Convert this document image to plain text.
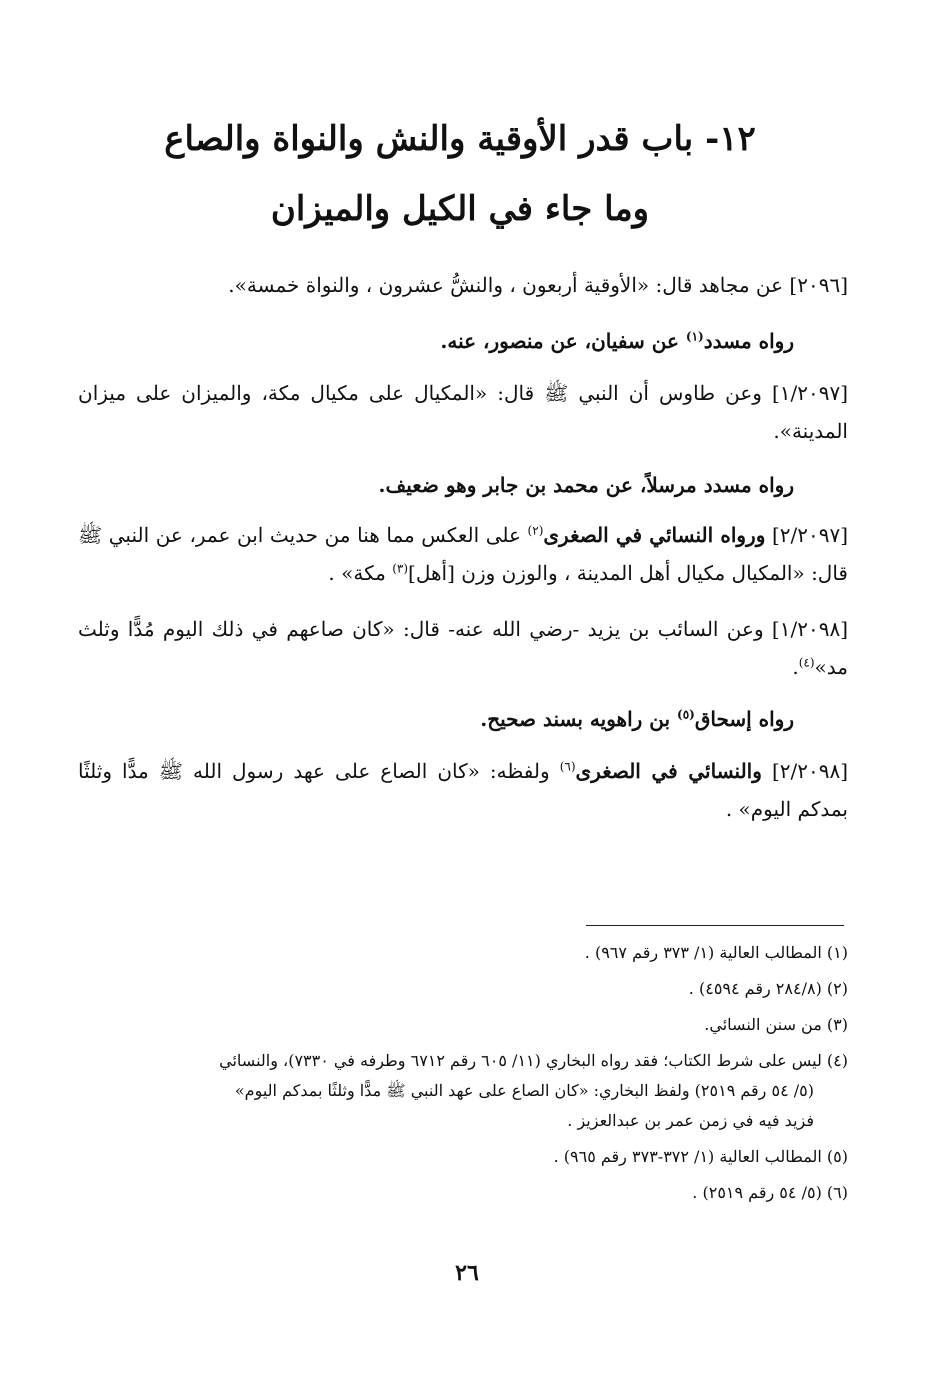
١٢- باب قدر الأوقية والنش والنواة والصاع
وما جاء في الكيل والميزان
[٢٠٩٦] عن مجاهد قال: «الأوقية أربعون ، والنشُّ عشرون ، والنواة خمسة».
رواه مسدد$^{(١)}$ عن سفيان، عن منصور، عنه.
[١/٢٠٩٧] وعن طاوس أن النبي ﷺ قال: «المكيال على مكيال مكة، والميزان على ميزان المدينة».
رواه مسدد مرسلاً، عن محمد بن جابر وهو ضعيف.
[٢/٢٠٩٧] ورواه النسائي في الصغرى$^{(٢)}$ على العكس مما هنا من حديث ابن عمر، عن النبي ﷺ قال: «المكيال مكيال أهل المدينة ، والوزن وزن [أهل]$^{(٣)}$ مكة» .
[١/٢٠٩٨] وعن السائب بن يزيد -رضي الله عنه- قال: «كان صاعهم في ذلك اليوم مُدًّا وثلث مد»$^{(٤)}$.
رواه إسحاق$^{(٥)}$ بن راهويه بسند صحيح.
[٢/٢٠٩٨] والنسائي في الصغرى$^{(٦)}$ ولفظه: «كان الصاع على عهد رسول الله ﷺ مدًّا وثلثًا بمدكم اليوم» .
(١) المطالب العالية (١/ ٣٧٣ رقم ٩٦٧) .
(٢) (٢٨٤/٨ رقم ٤٥٩٤) .
(٣) من سنن النسائي.
(٤) ليس على شرط الكتاب؛ فقد رواه البخاري (١١/ ٦٠٥ رقم ٦٧١٢ وطرفه في ٧٣٣٠)، والنسائي
(٥/ ٥٤ رقم ٢٥١٩) ولفظ البخاري: «كان الصاع على عهد النبي ﷺ مدًّا وثلثًا بمدكم اليوم»
فزيد فيه في زمن عمر بن عبدالعزيز .
(٥) المطالب العالية (١/ ٣٧٢-٣٧٣ رقم ٩٦٥) .
(٦) (٥/ ٥٤ رقم ٢٥١٩) .
٢٦
